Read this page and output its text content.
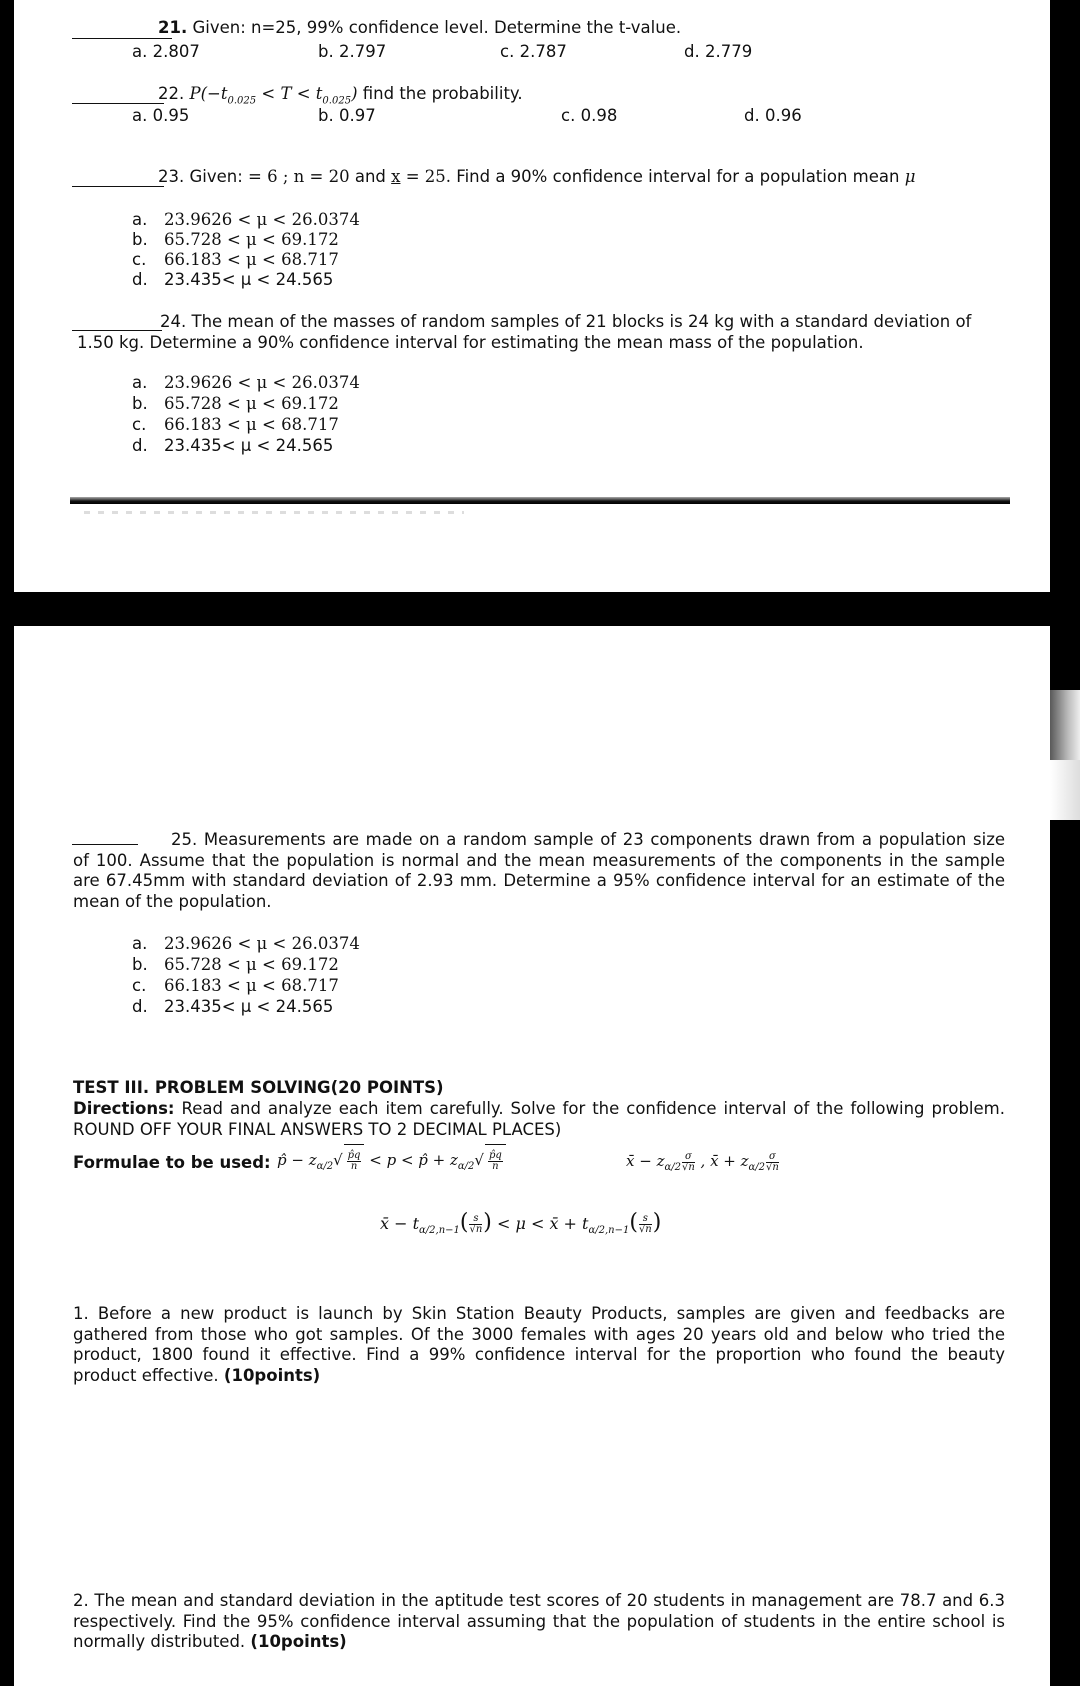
21. Given: n=25, 99% confidence level. Determine the t-value.
a. 2.807	b. 2.797	c. 2.787	d. 2.779
22. $P(-t_{0.025} < T < t_{0.025})$ find the probability.
a. 0.95	b. 0.97	c. 0.98	d. 0.96
23. Given: = 6 ; n = 20 and x = 25. Find a 90% confidence interval for a population mean μ
a. 23.9626 < μ < 26.0374
b. 65.728 < μ < 69.172
c. 66.183 < μ < 68.717
d. 23.435< μ < 24.565
24. The mean of the masses of random samples of 21 blocks is 24 kg with a standard deviation of
1.50 kg. Determine a 90% confidence interval for estimating the mean mass of the population.
a. 23.9626 < μ < 26.0374
b. 65.728 < μ < 69.172
c. 66.183 < μ < 68.717
d. 23.435< μ < 24.565
25. Measurements are made on a random sample of 23 components drawn from a population size of 100. Assume that the population is normal and the mean measurements of the components in the sample are 67.45mm with standard deviation of 2.93 mm. Determine a 95% confidence interval for an estimate of the mean of the population.
a. 23.9626 < μ < 26.0374
b. 65.728 < μ < 69.172
c. 66.183 < μ < 68.717
d. 23.435< μ < 24.565
TEST III. PROBLEM SOLVING(20 POINTS)
Directions: Read and analyze each item carefully. Solve for the confidence interval of the following problem. ROUND OFF YOUR FINAL ANSWERS TO 2 DECIMAL PLACES)
Formulae to be used: p̂ − $z_{\alpha/2}√ \frac{p̂q}{n} < p$ < p̂ + $z_{\alpha/2}√ \frac{p̂q}{n}$	x̄ − $z_{\alpha/2} \frac{\sigma}{√n}$ , x̄ + $z_{\alpha/2} \frac{\sigma}{√n}$
x̄ − $t_{\alpha/2,n-1}( \frac{s}{√n}$ ) < μ < x̄ + $t_{\alpha/2,n-1}( \frac{s}{√n}$ )
1. Before a new product is launch by Skin Station Beauty Products, samples are given and feedbacks are gathered from those who got samples. Of the 3000 females with ages 20 years old and below who tried the product, 1800 found it effective. Find a 99% confidence interval for the proportion who found the beauty product effective. (10points)
2. The mean and standard deviation in the aptitude test scores of 20 students in management are 78.7 and 6.3 respectively. Find the 95% confidence interval assuming that the population of students in the entire school is normally distributed. (10points)
